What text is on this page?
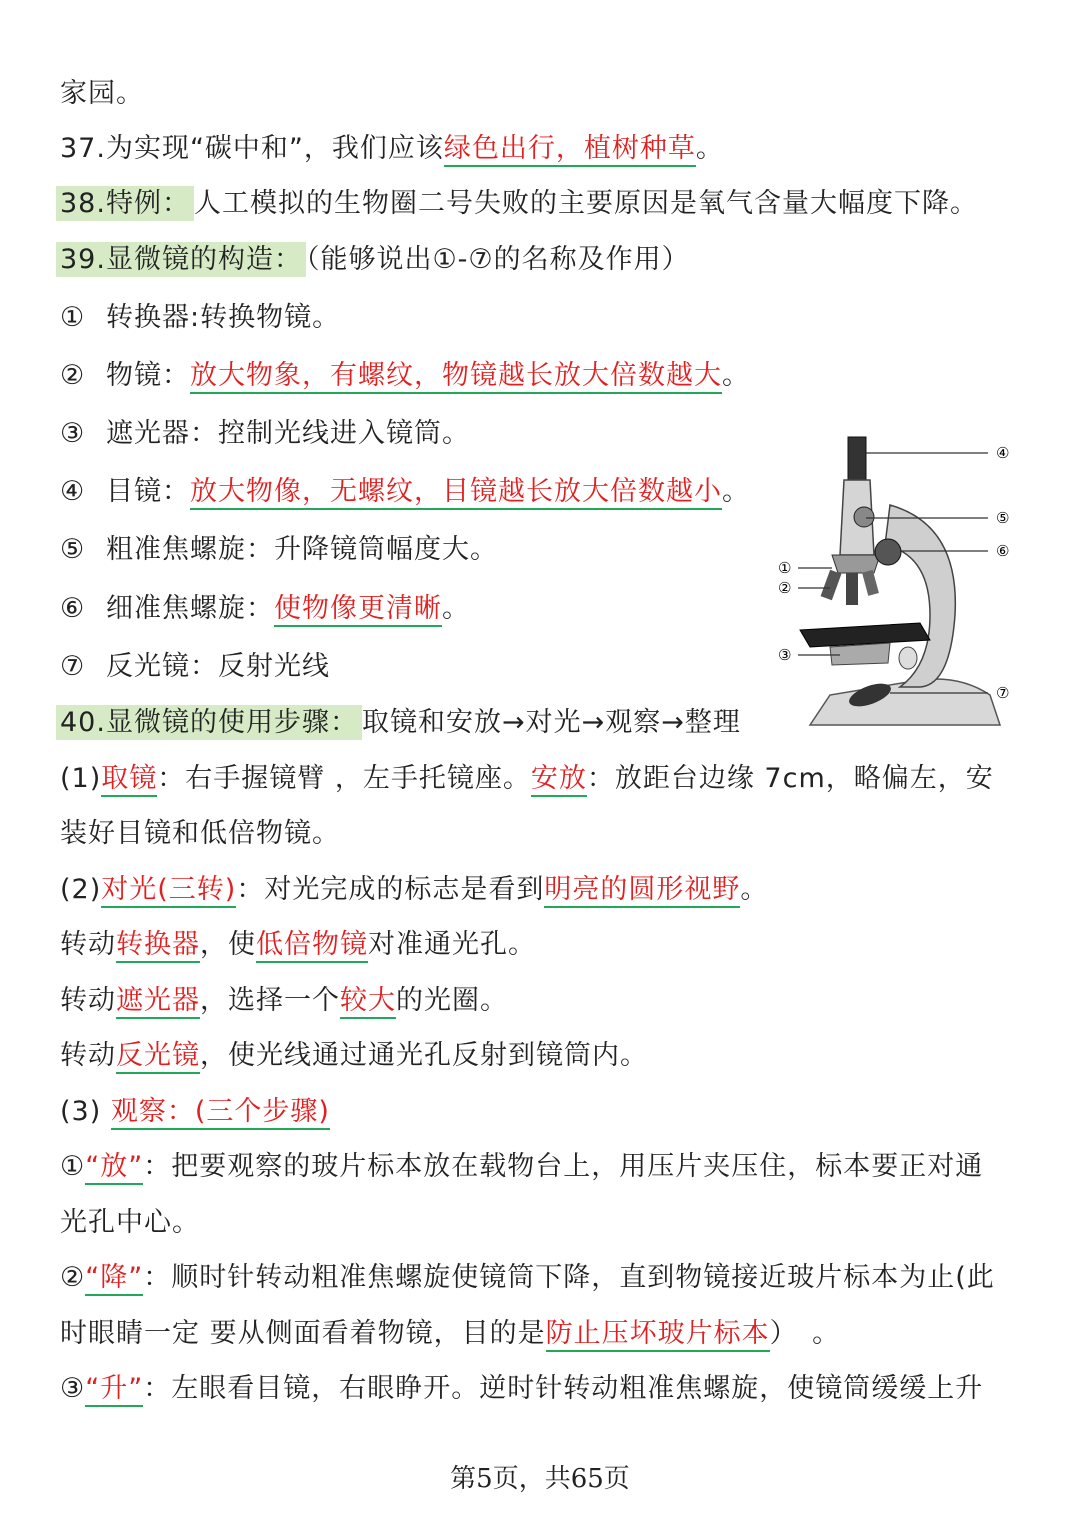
家园。
37.为实现“碳中和”，我们应该绿色出行，植树种草。
38.特例： 人工模拟的生物圈二号失败的主要原因是氧气含量大幅度下降。
39.显微镜的构造： （能够说出①-⑦的名称及作用）
① 转换器:转换物镜。
② 物镜：放大物象，有螺纹，物镜越长放大倍数越大。
③ 遮光器：控制光线进入镜筒。
④ 目镜：放大物像，无螺纹，目镜越长放大倍数越小。
⑤ 粗准焦螺旋：升降镜筒幅度大。
⑥ 细准焦螺旋：使物像更清晰。
⑦ 反光镜：反射光线
40.显微镜的使用步骤： 取镜和安放→对光→观察→整理
(1)取镜：右手握镜臂 ，左手托镜座。安放：放距台边缘 7cm，略偏左，安
装好目镜和低倍物镜。
(2)对光(三转)：对光完成的标志是看到明亮的圆形视野。
转动转换器，使低倍物镜对准通光孔。
转动遮光器，选择一个较大的光圈。
转动反光镜，使光线通过通光孔反射到镜筒内。
(3) 观察：(三个步骤)
①“放”：把要观察的玻片标本放在载物台上，用压片夹压住，标本要正对通
光孔中心。
②“降”：顺时针转动粗准焦螺旋使镜筒下降，直到物镜接近玻片标本为止(此
时眼睛一定 要从侧面看着物镜，目的是防止压坏玻片标本）　。
③“升”：左眼看目镜，右眼睁开。逆时针转动粗准焦螺旋，使镜筒缓缓上升
④
⑤
⑥
①
②
③
⑦
第5页，共65页
